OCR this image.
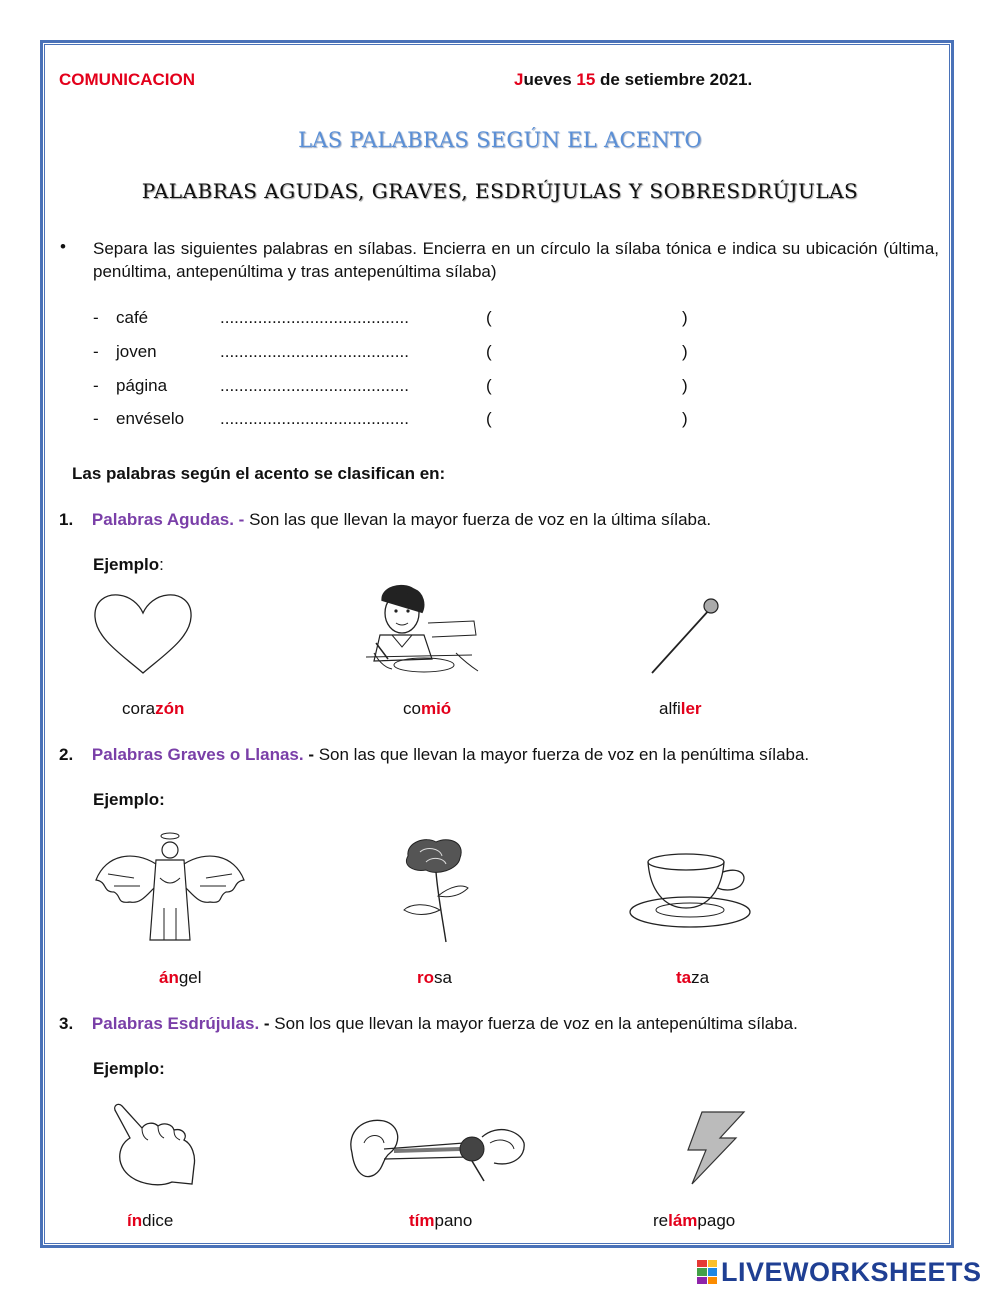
COMUNICACION	Jueves 15 de setiembre 2021.
LAS PALABRAS SEGÚN EL ACENTO
PALABRAS AGUDAS, GRAVES, ESDRÚJULAS Y SOBRESDRÚJULAS
• Separa las siguientes palabras en sílabas. Encierra en un círculo la sílaba tónica e indica su ubicación (última, penúltima, antepenúltima y tras antepenúltima sílaba)
- café	........................................	(	)
- joven	........................................	(	)
- página	........................................	(	)
- envéselo ........................................	(	)
Las palabras según el acento se clasifican en:
1. Palabras Agudas. - Son las que llevan la mayor fuerza de voz en la última sílaba.
Ejemplo:
corazón	comió	alfiler
2. Palabras Graves o Llanas. - Son las que llevan la mayor fuerza de voz en la penúltima sílaba.
Ejemplo:
ángel	rosa	taza
3. Palabras Esdrújulas. - Son los que llevan la mayor fuerza de voz en la antepenúltima sílaba.
Ejemplo:
índice	tímpano	relámpago
LIVEWORKSHEETS
